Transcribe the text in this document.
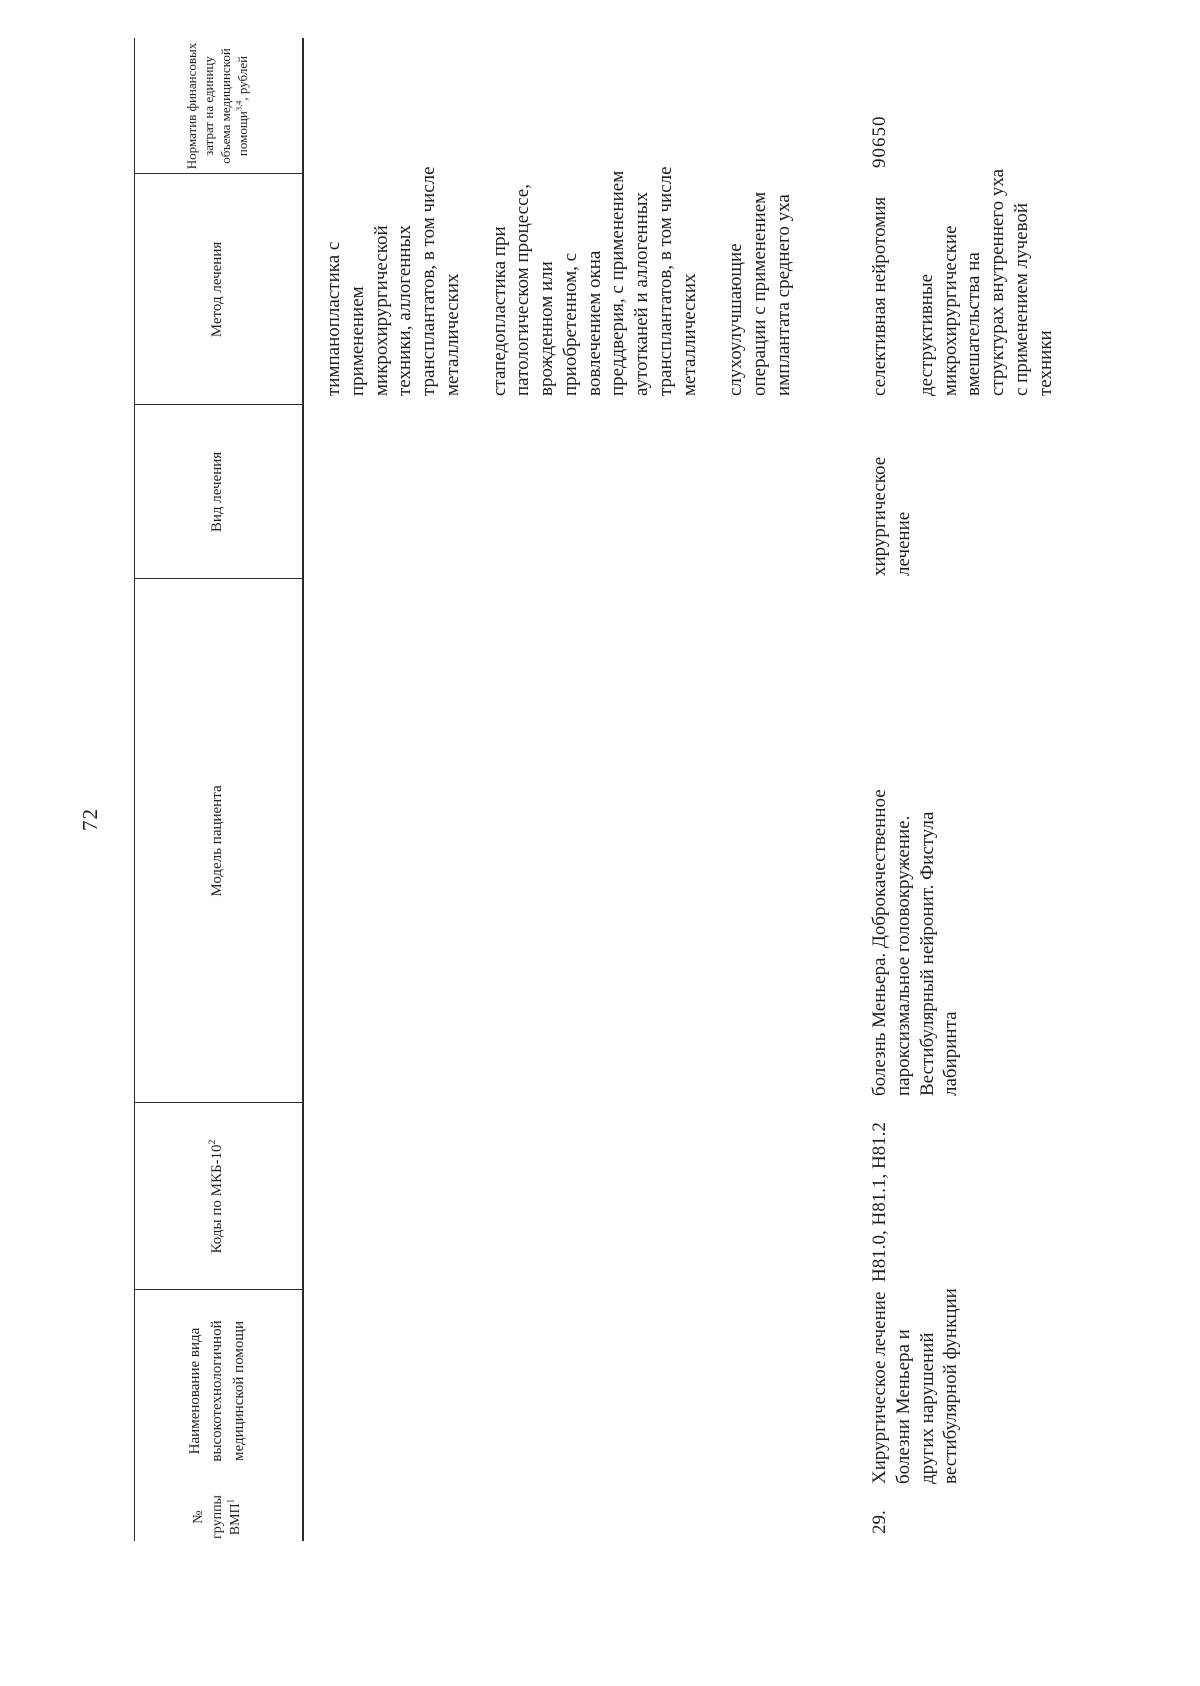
72
№ группы ВМП$^1$
Наименование вида высокотехнологичной медицинской помощи
Коды по МКБ-$10^2$
Модель пациента
Вид лечения
Метод лечения
Норматив финансовых затрат на единицу объема медицинской помощи$^{3,4}$, рублей
тимпанопластика с применением микрохирургической техники, аллогенных трансплантатов, в том числе металлических стапедопластика при патологическом процессе, врожденном или приобретенном, с вовлечением окна преддверия, с применением аутотканей и аллогенных трансплантатов, в том числе металлических слухоулучшающие операции с применением имплантата среднего уха
29.
Хирургическое лечение болезни Меньера и других нарушений вестибулярной функции
H81.0, H81.1, H81.2
болезнь Меньера. Доброкачественное пароксизмальное головокружение. Вестибулярный нейронит. Фистула лабиринта
хирургическое лечение
селективная нейротомия деструктивные микрохирургические вмешательства на структурах внутреннего уха с применением лучевой техники
90650
